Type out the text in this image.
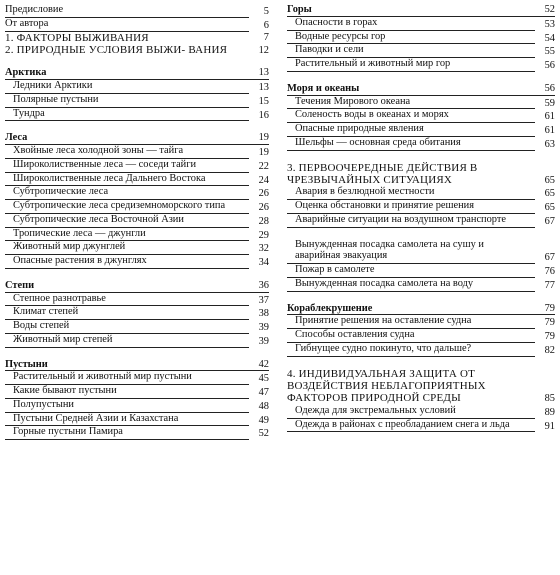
Предисловие	5
От автора	6
1. ФАКТОРЫ ВЫЖИВАНИЯ	7
2. ПРИРОДНЫЕ УСЛОВИЯ ВЫЖИ- ВАНИЯ	12
Арктика	13
Ледники Арктики	13
Полярные пустыни	15
Тундра	16
Леса	19
Хвойные леса холодной зоны — тайга	19
Широколиственные леса — соседи тайги	22
Широколиственные леса Дальнего Востока	24
Субтропические леса	26
Субтропические леса средиземноморского типа	26
Субтропические леса Восточной Азии	28
Тропические леса — джунгли	29
Животный мир джунглей	32
Опасные растения в джунглях	34
Степи	36
Степное разнотравье	37
Климат степей	38
Воды степей	39
Животный мир степей	39
Пустыни	42
Растительный и животный мир пустыни	45
Какие бывают пустыни	47
Полупустыни	48
Пустыни Средней Азии и Казахстана	49
Горные пустыни Памира	52
Горы	52
Опасности в горах	53
Водные ресурсы гор	54
Паводки и сели	55
Растительный и животный мир гор	56
Моря и океаны	56
Течения Мирового океана	59
Соленость воды в океанах и морях	61
Опасные природные явления	61
Шельфы — основная среда обитания	63
3. ПЕРВООЧЕРЕДНЫЕ ДЕЙСТВИЯ В ЧРЕЗВЫЧАЙНЫХ СИТУАЦИЯХ	65
Авария в безлюдной местности	65
Оценка обстановки и принятие решения	65
Аварийные ситуации на воздушном транспорте	67
Вынужденная посадка самолета на сушу и аварийная эвакуация	67
Пожар в самолете	76
Вынужденная посадка самолета на воду	77
Кораблекрушение	79
Принятие решения на оставление судна	79
Способы оставления судна	79
Гибнущее судно покинуто, что дальше?	82
4. ИНДИВИДУАЛЬНАЯ ЗАЩИТА ОТ ВОЗДЕЙСТВИЯ НЕБЛАГОПРИЯТНЫХ ФАКТОРОВ ПРИРОДНОЙ СРЕДЫ	85
Одежда для экстремальных условий	89
Одежда в районах с преобладанием снега и льда	91
